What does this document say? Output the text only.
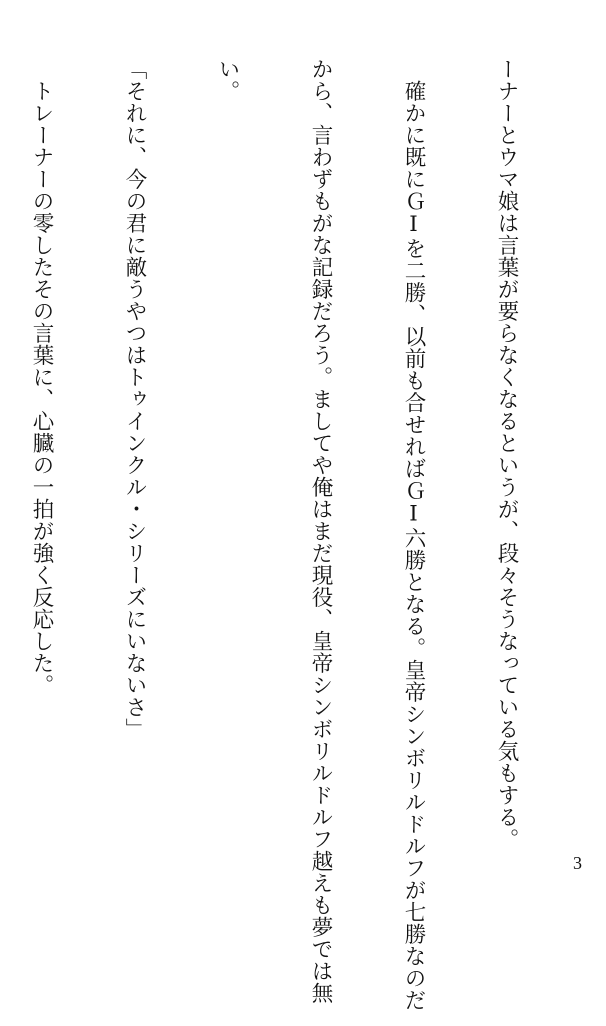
ーナーとウマ娘は言葉が要らなくなるというが、段々そうなっている気もする。

　確かに既にＧⅠを二勝、以前も合せればＧⅠ六勝となる。皇帝シンボリルドルフが七勝なのだ

から、言わずもがな記録だろう。ましてや俺はまだ現役、皇帝シンボリルドルフ越えも夢では無

い。

「それに、今の君に敵うやつはトゥインクル・シリーズにいないさ」

　トレーナーの零したその言葉に、心臓の一拍が強く反応した。

3
